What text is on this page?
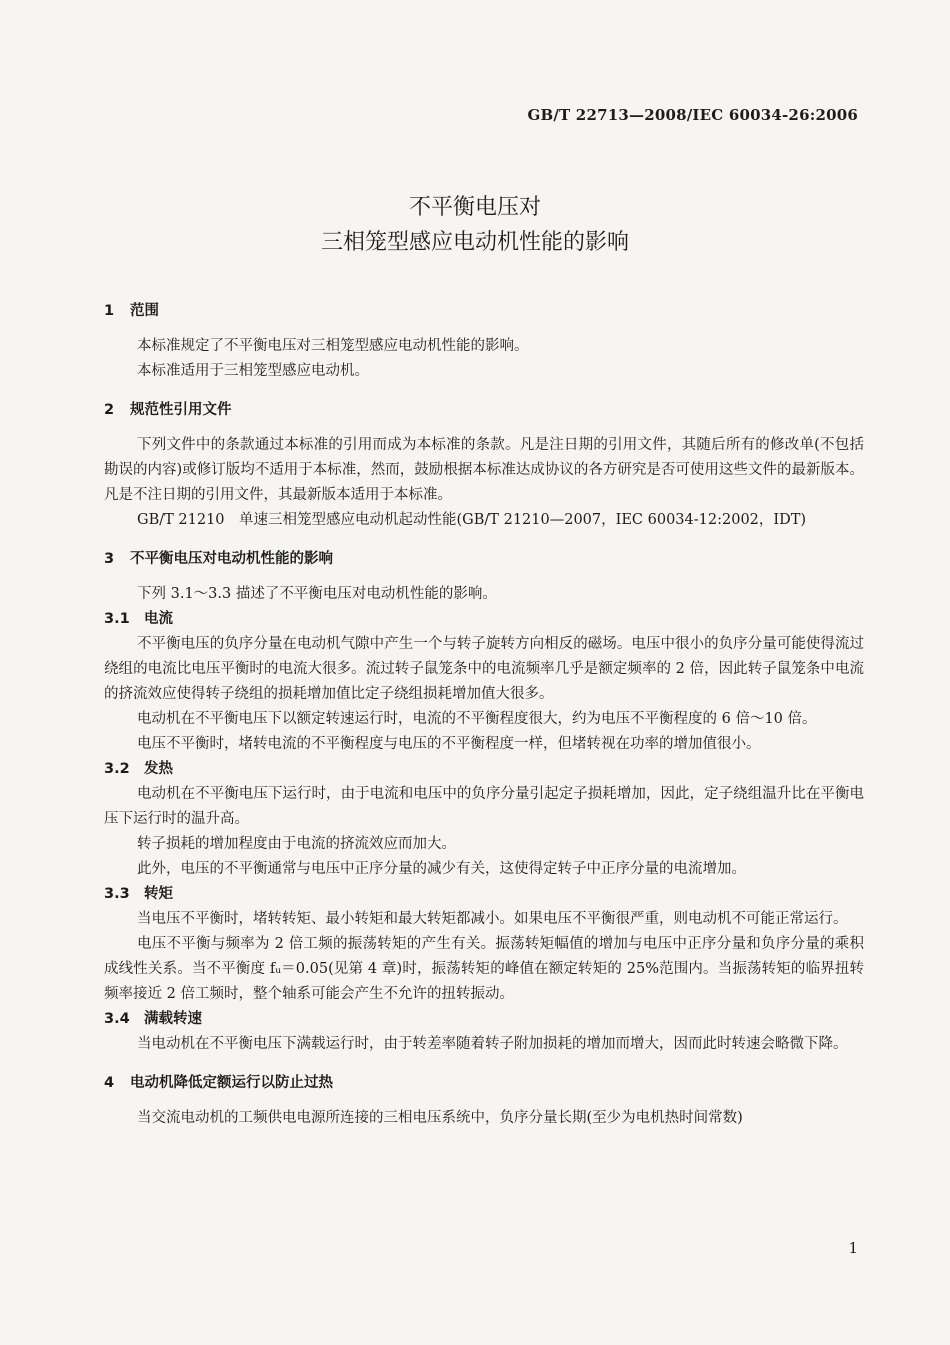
GB/T 22713—2008/IEC 60034-26:2006
不平衡电压对
三相笼型感应电动机性能的影响

1 范围

本标准规定了不平衡电压对三相笼型感应电动机性能的影响。

本标准适用于三相笼型感应电动机。

2 规范性引用文件

下列文件中的条款通过本标准的引用而成为本标准的条款。凡是注日期的引用文件，其随后所有的修改单(不包括勘误的内容)或修订版均不适用于本标准，然而，鼓励根据本标准达成协议的各方研究是否可使用这些文件的最新版本。凡是不注日期的引用文件，其最新版本适用于本标准。

GB/T 21210　单速三相笼型感应电动机起动性能(GB/T 21210—2007，IEC 60034-12:2002，IDT)

3 不平衡电压对电动机性能的影响

下列 3.1～3.3 描述了不平衡电压对电动机性能的影响。

3.1 电流

不平衡电压的负序分量在电动机气隙中产生一个与转子旋转方向相反的磁场。电压中很小的负序分量可能使得流过绕组的电流比电压平衡时的电流大很多。流过转子鼠笼条中的电流频率几乎是额定频率的 2 倍，因此转子鼠笼条中电流的挤流效应使得转子绕组的损耗增加值比定子绕组损耗增加值大很多。

电动机在不平衡电压下以额定转速运行时，电流的不平衡程度很大，约为电压不平衡程度的 6 倍～10 倍。

电压不平衡时，堵转电流的不平衡程度与电压的不平衡程度一样，但堵转视在功率的增加值很小。

3.2 发热

电动机在不平衡电压下运行时，由于电流和电压中的负序分量引起定子损耗增加，因此，定子绕组温升比在平衡电压下运行时的温升高。

转子损耗的增加程度由于电流的挤流效应而加大。

此外，电压的不平衡通常与电压中正序分量的减少有关，这使得定转子中正序分量的电流增加。

3.3 转矩

当电压不平衡时，堵转转矩、最小转矩和最大转矩都减小。如果电压不平衡很严重，则电动机不可能正常运行。

电压不平衡与频率为 2 倍工频的振荡转矩的产生有关。振荡转矩幅值的增加与电压中正序分量和负序分量的乘积成线性关系。当不平衡度 fᵤ＝0.05(见第 4 章)时，振荡转矩的峰值在额定转矩的 25%范围内。当振荡转矩的临界扭转频率接近 2 倍工频时，整个轴系可能会产生不允许的扭转振动。

3.4 满载转速

当电动机在不平衡电压下满载运行时，由于转差率随着转子附加损耗的增加而增大，因而此时转速会略微下降。

4 电动机降低定额运行以防止过热

当交流电动机的工频供电电源所连接的三相电压系统中，负序分量长期(至少为电机热时间常数)

1
